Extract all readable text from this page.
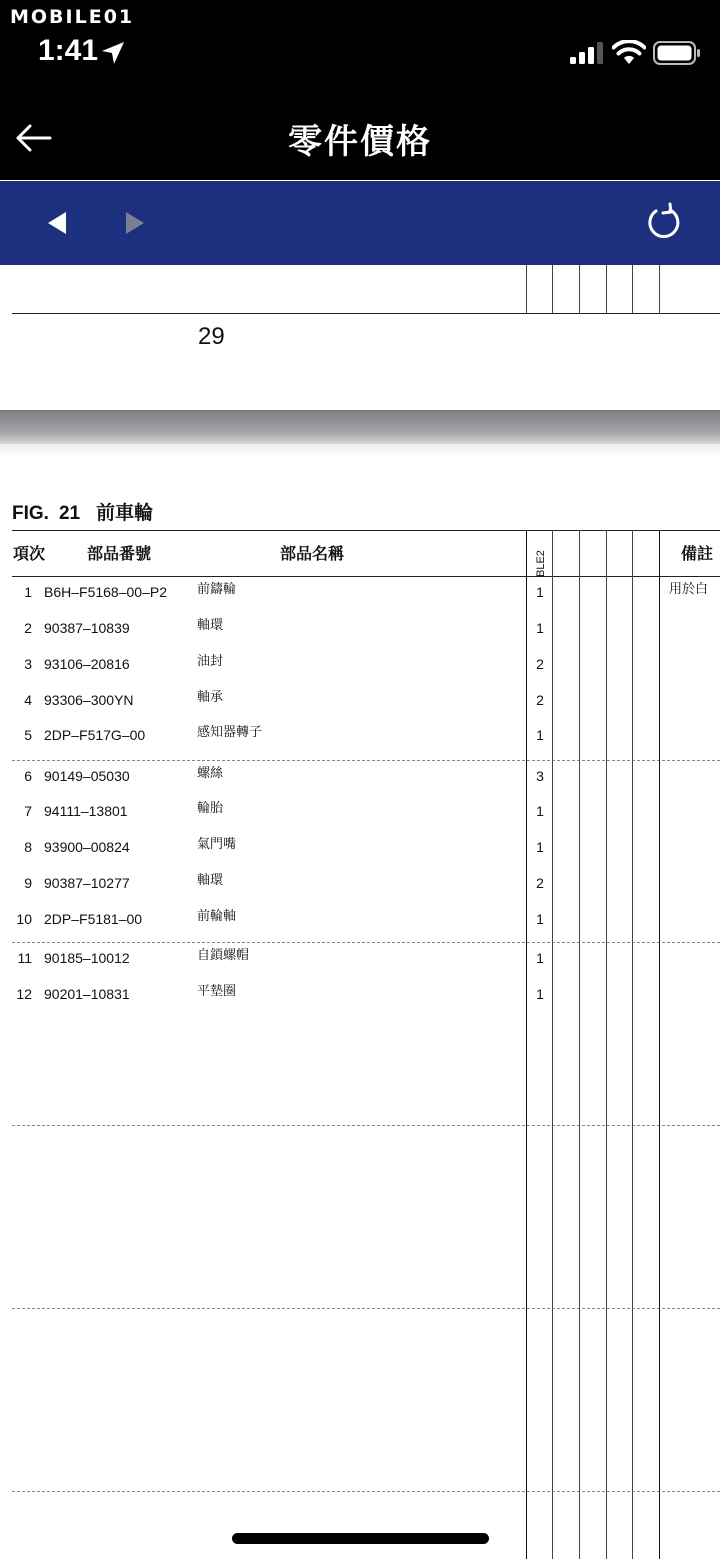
MOBILE01
1:41
零件價格
29
FIG. 21 前車輪
項次	部品番號	部品名稱	BLE2	備註
1 B6H–F5168–00–P2 前鑄輪	1	用於白
2 90387–10839	軸環	1
3 93106–20816	油封	2
4 93306–300YN	軸承	2
5 2DP–F517G–00	感知器轉子	1
6 90149–05030	螺絲	3
7 94111–13801	輪胎	1
8 93900–00824	氣門嘴	1
9 90387–10277	軸環	2
10 2DP–F5181–00	前輪軸	1
11 90185–10012	自鎖螺帽	1
12 90201–10831	平墊圈	1
